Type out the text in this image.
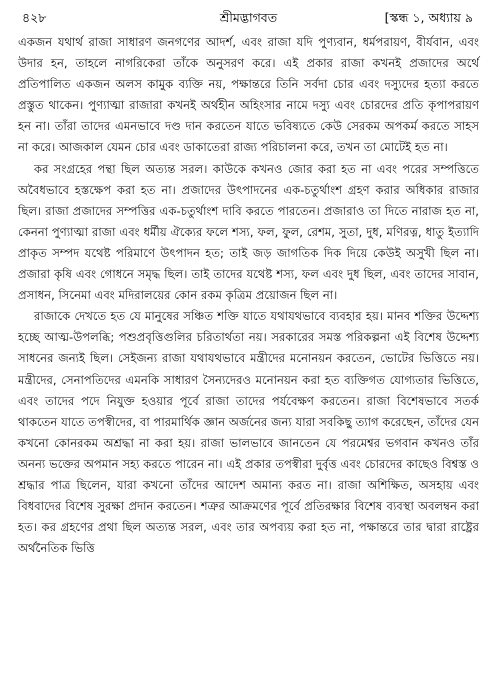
৪২৮	শ্রীমদ্ভাগবত	[স্কন্ধ ১, অধ্যায় ৯

একজন যথার্থ রাজা সাধারণ জনগণের আদর্শ, এবং রাজা যদি পুণ্যবান, ধর্মপরায়ণ, বীর্যবান, এবং উদার হন, তাহলে নাগরিকেরা তাঁকে অনুসরণ করে। এই প্রকার রাজা কখনই প্রজাদের অর্থে প্রতিপালিত একজন অলস কামুক ব্যক্তি নয়, পক্ষান্তরে তিনি সর্বদা চোর এবং দস্যুদের হত্যা করতে প্রস্তুত থাকেন। পুণ্যাত্মা রাজারা কখনই অর্থহীন অহিংসার নামে দস্যু এবং চোরদের প্রতি কৃপাপরায়ণ হন না। তাঁরা তাদের এমনভাবে দণ্ড দান করতেন যাতে ভবিষ্যতে কেউ সেরকম অপকর্ম করতে সাহস না করে। আজকাল যেমন চোর এবং ডাকাতেরা রাজ্য পরিচালনা করে, তখন তা মোটেই হত না।

কর সংগ্রহের পন্থা ছিল অত্যন্ত সরল। কাউকে কখনও জোর করা হত না এবং পরের সম্পত্তিতে অবৈধভাবে হস্তক্ষেপ করা হত না। প্রজাদের উৎপাদনের এক-চতুর্থাংশ গ্রহণ করার অধিকার রাজার ছিল। রাজা প্রজাদের সম্পত্তির এক-চতুর্থাংশ দাবি করতে পারতেন। প্রজারাও তা দিতে নারাজ হত না, কেননা পুণ্যাত্মা রাজা এবং ধর্মীয় ঐক্যের ফলে শস্য, ফল, ফুল, রেশম, সুতা, দুধ, মণিরত্ন, ধাতু ইত্যাদি প্রাকৃত সম্পদ যথেষ্ট পরিমাণে উৎপাদন হত; তাই জড় জাগতিক দিক দিয়ে কেউই অসুখী ছিল না। প্রজারা কৃষি এবং গোধনে সমৃদ্ধ ছিল। তাই তাদের যথেষ্ট শস্য, ফল এবং দুধ ছিল, এবং তাদের সাবান, প্রসাধন, সিনেমা এবং মদিরালয়ের কোন রকম কৃত্রিম প্রয়োজন ছিল না।

রাজাকে দেখতে হত যে মানুষের সঞ্চিত শক্তি যাতে যথাযথভাবে ব্যবহার হয়। মানব শক্তির উদ্দেশ্য হচ্ছে আত্ম-উপলব্ধি; পশুপ্রবৃত্তিগুলির চরিতার্থতা নয়। সরকারের সমস্ত পরিকল্পনা এই বিশেষ উদ্দেশ্য সাধনের জন্যই ছিল। সেইজন্য রাজা যথাযথভাবে মন্ত্রীদের মনোনয়ন করতেন, ভোটের ভিত্তিতে নয়। মন্ত্রীদের, সেনাপতিদের এমনকি সাধারণ সৈন্যদেরও মনোনয়ন করা হত ব্যক্তিগত যোগ্যতার ভিত্তিতে, এবং তাদের পদে নিযুক্ত হওয়ার পূর্বে রাজা তাদের পর্যবেক্ষণ করতেন। রাজা বিশেষভাবে সতর্ক থাকতেন যাতে তপস্বীদের, বা পারমার্থিক জ্ঞান অর্জনের জন্য যারা সবকিছু ত্যাগ করেছেন, তাঁদের যেন কখনো কোনরকম অশ্রদ্ধা না করা হয়। রাজা ভালভাবে জানতেন যে পরমেশ্বর ভগবান কখনও তাঁর অনন্য ভক্তের অপমান সহ্য করতে পারেন না। এই প্রকার তপস্বীরা দুর্বৃত্ত এবং চোরদের কাছেও বিশ্বস্ত ও শ্রদ্ধার পাত্র ছিলেন, যারা কখনো তাঁদের আদেশ অমান্য করত না। রাজা অশিক্ষিত, অসহায় এবং বিধবাদের বিশেষ সুরক্ষা প্রদান করতেন। শত্রুর আক্রমণের পূর্বে প্রতিরক্ষার বিশেষ ব্যবস্থা অবলম্বন করা হত। কর গ্রহণের প্রথা ছিল অত্যন্ত সরল, এবং তার অপব্যয় করা হত না, পক্ষান্তরে তার দ্বারা রাষ্ট্রের অর্থনৈতিক ভিত্তি
